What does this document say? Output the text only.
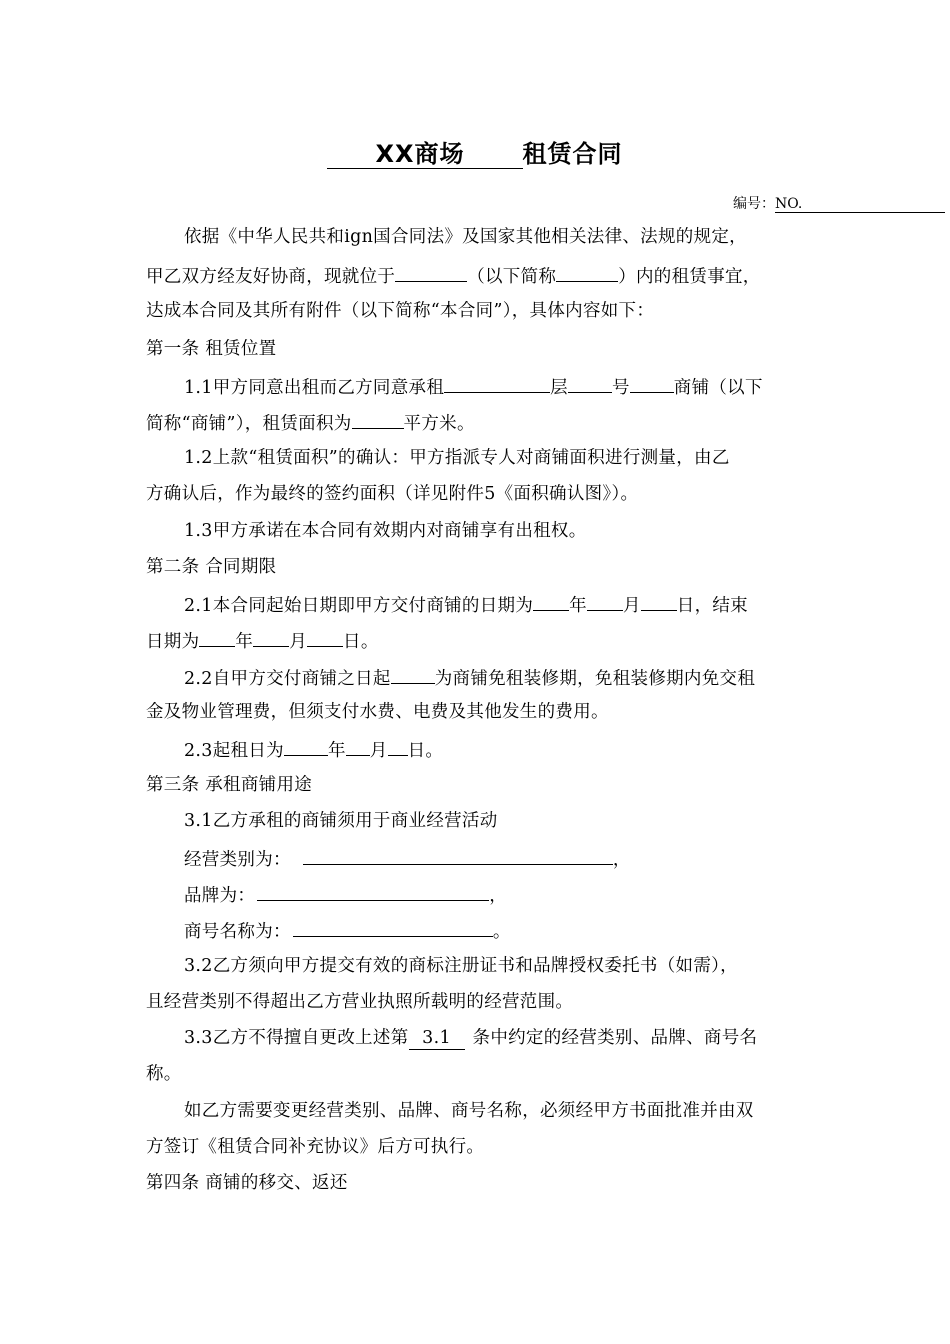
XX商场 租赁合同
编号：NO.
依据《中华人民共和ign国合同法》及国家其他相关法律、法规的规定，
甲乙双方经友好协商，现就位于	（以下简称	）内的租赁事宜，
达成本合同及其所有附件（以下简称“本合同”），具体内容如下：
第一条 租赁位置
1.1甲方同意出租而乙方同意承租	层	号	商铺（以下
简称“商铺”），租赁面积为	平方米。
1.2上款“租赁面积”的确认：甲方指派专人对商铺面积进行测量，由乙
方确认后，作为最终的签约面积（详见附件5《面积确认图》）。
1.3甲方承诺在本合同有效期内对商铺享有出租权。
第二条 合同期限
2.1本合同起始日期即甲方交付商铺的日期为 年 月 日，结束
日期为 年 月 日。
2.2自甲方交付商铺之日起	为商铺免租装修期，免租装修期内免交租
金及物业管理费，但须支付水费、电费及其他发生的费用。
2.3起租日为	年 月 日。
第三条 承租商铺用途
3.1乙方承租的商铺须用于商业经营活动
经营类别为：	，
品牌为：	，
商号名称为：	。
3.2乙方须向甲方提交有效的商标注册证书和品牌授权委托书（如需），
且经营类别不得超出乙方营业执照所载明的经营范围。
3.3乙方不得擅自更改上述第 3.1 条中约定的经营类别、品牌、商号名
称。
如乙方需要变更经营类别、品牌、商号名称，必须经甲方书面批准并由双
方签订《租赁合同补充协议》后方可执行。
第四条 商铺的移交、返还
